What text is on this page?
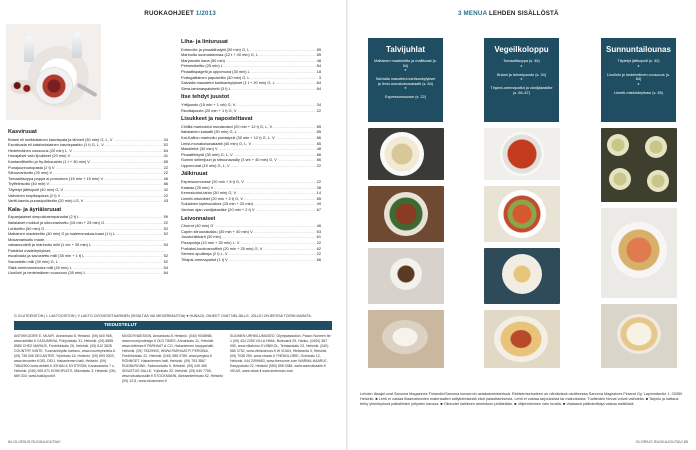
RUOKAOHJEET 1/2013
Kasviruuat
Briami eli kreikkalainen kasvispata ja lähneit (30 min) G, L, V .....	34
Escalivada eli katalonialainen kasvispaahto (1 t) G, L, V .....	52
Hedelmäinen couscous (20 min) L, V .....	84
Hunajaiset vain lipukkeet (20 min) V .....	41
Kantarellikeitto ja fry-fleksuahto (1 t + 30 min) V .....	85
Punajuurirootopasta (2 t) V .....	22
Sitruunarisotto (25 min) V .....	22
Tomaattisoppa pappa al pomodoro (15 min + 15 min) V .....	46
Tryffelirisotto (40 min) V .....	86
Täytetyt jättisipulit (40 min) G, V .....	42
Valkoinen kurpitsapizza (2 t) V .....	22
Vartti-kasvis-punasipulikeitto (20 min) LG, V .....	43
Kala- ja äyriäisruuat
Espanjalaiset simpukkaempanadat (2 t) L .....	59
Italialaiset mukkut ja sitruunarisotto (15 min + 25 min) G .....	22
Lohikeitto (50 min) G .....	52
Maltainen madekeitto (40 min) G ja maleenmakua-toast (1 t) L .....	52
Mosamarisoitu made, .....
valsanuudelit ja marinoitu miili (1 vrk + 35 min) L .....	54
Paistetut madeleyöykset, .....
escalivada ja savustettu miili (35 min + 1 t) L .....	52
Savustettu miili (30 min) G, L .....	52
Sisiä-merimansiruoka miili (40 min) L .....	54
Uunilohi ja hedelmäinen couscous (35 min) L .....	84
Liha- ja linturuuat
Entrecôte ja pinaattihaiytti (30 min) G, L .....	85
Marinoitu suomalainmaa (12 t + 40 min) G, L .....	85
Marylandin kana (50 min) .....	48
Pelmenikeitto (25 min) L .....	84
Pinaattispagetti ja uppomuna (30 min) L .....	18
Portugalilainen papukeitto (30 min) G, L .....	3
Salvialla maustetut karitsankylykset (1 t + 20 min) G, L .....	84
Siera-lammaspaishetti (3 t) L .....	84
Itse tehdyt juustot
Yrttijuusto (15 min + 1 vrk) G, V .....	34
Ricottajuusto (20 min + 1 t) G, V .....	22
Lisukkeet ja napostelttavat
Chililla marinoidut munakoisot (20 min + 12 t) G, L, V .....	85
Italialainen salaatti (30 min) G, L .....	85
Kai-Kallion marinoitu punasipuli (30 min + 12 t) G, L, V .....	86
Limsi-munakoisosalaatti (40 min) G, L, V .....	85
Massiletut (30 min) V .....	48
Pinaattihöysti (30 min) G, L, V .....	86
Sunnin sellerijuuri ja sitruunavaäly (3 vrk + 40 min) G, V .....	86
Uppomunat (15 min) G, L, V .....	22
Jälkiruuat
Espressomousse (20 min + 8 t) G, V .....	22
Kaakao (25 min) V .....	38
Kermatoidot-tahto (30 min) G, V .....	14
Limetti-mtsiviidet (20 min + 3 t) G, V .....	85
Suklainen kiplesuukkes (15 min + 20 min) .....	49
Vanhan ajan vaniljakastike (20 min + 2 t) V .....	67
Leivonnaiset
Churrot (40 min) G .....	46
Caprin sitruunakakku (30 min + 40 min) V .....	63
Juustohilkkarit (30 min) .....	61
Pizzapohja (10 min + 30 min) L, V .....	22
Purkaksi-kookosmuffinit (20 min + 25 min) G, V .....	62
Siemen-spuiliesja (2 t) L, V .....	22
Tilrapsi-omenapaltut (1 t) V .....	66
G GLUTEENITON | L LAKTOOSITON | V LAKTO-OVOVEGETAARINEN (SISÄLTÄÄ VAI MEIJERIMAITOA) ♥ HUNAJA: OHJEET OVAT NELJÄLLE, JOLLEI OHJEESSA TOISIN MAINITA.
TIEDUSTELUT
ANTIIKKIJORE E. MUUFI, Annankatu 8, Helsinki. (09) 600 965, www.antiikki.fi CASUARINA, Pohjoiskatu 31, Helsinki. (09) 6855 8580 CHEZ MARIUS, Fredrikinkatu 26, Helsinki. (09) 612 3628 COUNTRY INNTE, Tuomarinkylän kartano, www.countryinntela.fi. (09) 735 006 DECANTER, Yrjönkatu 16, Helsinki. (09) 693 0003, www.decanter.fi DEL DELI, Hakaniemen halli, Helsinki. (09) 76842500 www.deldeli.fi JOHAN & NYSTRÖM, Kanavaranta 7 c, Helsinki. (040) 906 671 KOKKIPUOTI, Mikonkatu 3, Helsinki. (09) 669 334, www.kokkipuoti.fi
MOODYNDESIGN, Annankatu 8, Helsinki. (040) 9048958, www.moodyndesign.fi OLD TIMES, Annankatu 12, Helsinki. www.oldtimes.fi PARHAAT & CO, Hakaniemen kauppahalli, Helsinki. (09) 75329900, WWW.PARHAAT.FI PERGBIA, Fredrikinkatu 22, Helsinki. (040) 585 0789, www.pergbia.fi RÖNNGET, Hakaniemen halli, Helsinki. (09) 753 3867 RUDBURGINK, Salomonkatu 5, Helsinki. (09) 445 465 SISUSTUS SALLE, Yrjönkatu 32, Helsinki. (09) 640 7760, www.sisustussalle.fi STOCKMANN, Aleksanterinkatu 52, Helsinki (09) 1211, www.stockmann.fi
SUOMEN URHEILUMUSEO, Olympiastadion, Paavo Nurmen tie 1 (09) 434 2250 VILLA HIMA, Bulevardi 29, Hanko. (0400) 387 950, www.villahimo.fi VIINIKOL, Tehtaankatu 23, Helsinki. (040) 580 3752, www.viinikoinnos.fi W VIJAN, Hietaranta 3, Helsinki. (09) 7038 250, www.vivaan.fi THENGLORIE, Grönkatu 12, Helsinki. 044 2099663, www.theroome.com WARMA-HAARLE, Kauppakatu 22, Helsinki (050) 598 3384, www.warmahaarle.fi VIKAS, www.vikas.fi www.kiotensan.com
84 GLORIUS RUOKAJOUTAVI
3 MENUA LEHDEN SISÄLLÖSTÄ
Talvijuhlat
Maltainen madekeitto ja maltitoast (s. 54)
●
Salvialla maustetut karitsankylykset ja limsi-munakoisosalaatti (s. 84)
●
Espressomousse (s. 22)
Vegeilkoloppu
Tomaattisoppa (s. 46)
●
Briami ja lahneiyuusto (s. 34)
●
Tinjami-omenapaltut ja vaniljakastike (s. 66–67)
Sunnuntailounas
Täytetyt jättisipulit (s. 42)
●
Uunilohi ja hedelmäinen couscous (s. 84)
●
Limetti-mtsiviidepiirasi (s. 85)
Lehden tilaajat ovat Sanoma Magazines Finlandin/Sanoma konsernin asiakasrekisterissä. Rekisteriselosteen on nähtävissä osoitteessa Sanoma Magazines Finland Oy, Lapinmäentie 1, 00350 Helsinki. ■ Lehti ei vastaa tilaamattomien materiaalien säilyttämisestä eikä palauttamisesta. Lehti ei vastaa tarjouksista tai mainoksista. Tuotteiden hinnat voivat vaihdella. ■ Tarjoilu ja kattaus tehty yhteistyössä paikallisten yritysten kanssa. ■ Oikeudet kaikkeen aineistoon pidätetään. ■ Jäljentäminen vain luvalla. ■ Vastaava päätoimittaja vastaa sisällöstä.
GLORIUS RUOKAJOUTAVI 85
